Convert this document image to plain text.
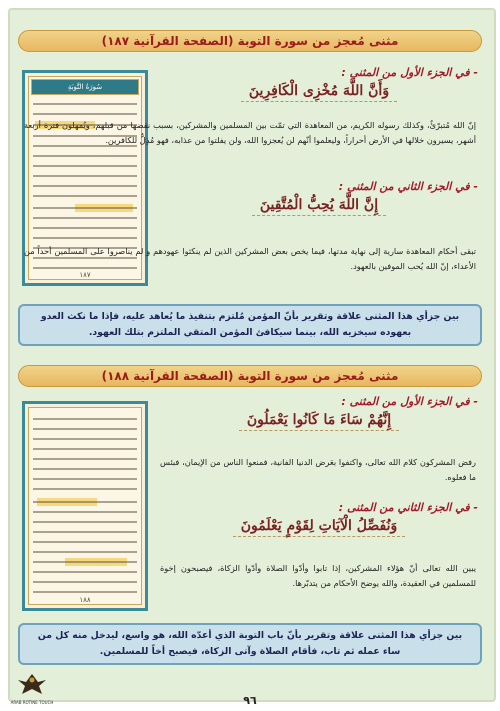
مثنى مُعجز من سورة التوبة (الصفحة القرآنية ١٨٧)
سُورَةُ التَّوبَةِ
١٨٧
- في الجزء الأول من المثنى :
وَأَنَّ اللَّهَ مُخْزِى الْكَافِرِينَ
إنّ الله مُتبرّئٌ، وكذلك رسوله الكريم، من المعاهدة التي تمّت بين المسلمين والمشركين، بسبب نقضها من قبلهم، ويُمهلون فترة أربعة أشهر، يسيرون خلالها في الأرض أحراراً، وليعلموا أنّهم لن يُعجزوا الله، ولن يفلتوا من عذابه، فهو مُذِلٌّ للكافرين.
- في الجزء الثاني من المثنى :
إِنَّ اللَّهَ يُحِبُّ الْمُتَّقِينَ
تبقى أحكام المعاهدة سارية إلى نهاية مدتها، فيما يخص بعض المشركين الذين لم ينكثوا عهودهم و لم يناصروا على المسلمين أحداً من الأعداء، إنّ الله يُحب الموفين بالعهود.
بين جزأي هذا المثنى علاقة وتقرير بأنّ المؤمن مُلتزم بتنفيذ ما يُعاهد عليه، فإذا ما نكث العدو بعهوده سيخزيه الله، بينما سيكافئ المؤمن المتقي الملتزم بتلك العهود.
مثنى مُعجز من سورة التوبة (الصفحة القرآنية ١٨٨)
١٨٨
- في الجزء الأول من المثنى :
إِنَّهُمْ سَاءَ مَا كَانُوا يَعْمَلُونَ
رفض المشركون كلام الله تعالى، واكتفوا بعَرض الدنيا الفانية، فمنعوا الناس من الإيمان، فبئس ما فعلوه.
- في الجزء الثاني من المثنى :
وَنُفَصِّلُ الْآيَاتِ لِقَوْمٍ يَعْلَمُونَ
يبين الله تعالى أنّ هؤلاء المشركين، إذا تابوا وأدّوا الصلاة وأدّوا الزكاة، فيصبحون إخوة للمسلمين في العقيدة، والله يوضح الأحكام من يتدبّرها.
بين جزأي هذا المثنى علاقة وتقرير بأنّ باب التوبة الذي أعدّه الله، هو واسع، ليدخل منه كل من ساء عمله ثم تاب، فأقام الصلاة وآتى الزكاة، فيصبح أخاً للمسلمين.
ARAB ROTINE TOUCH	٩٦
